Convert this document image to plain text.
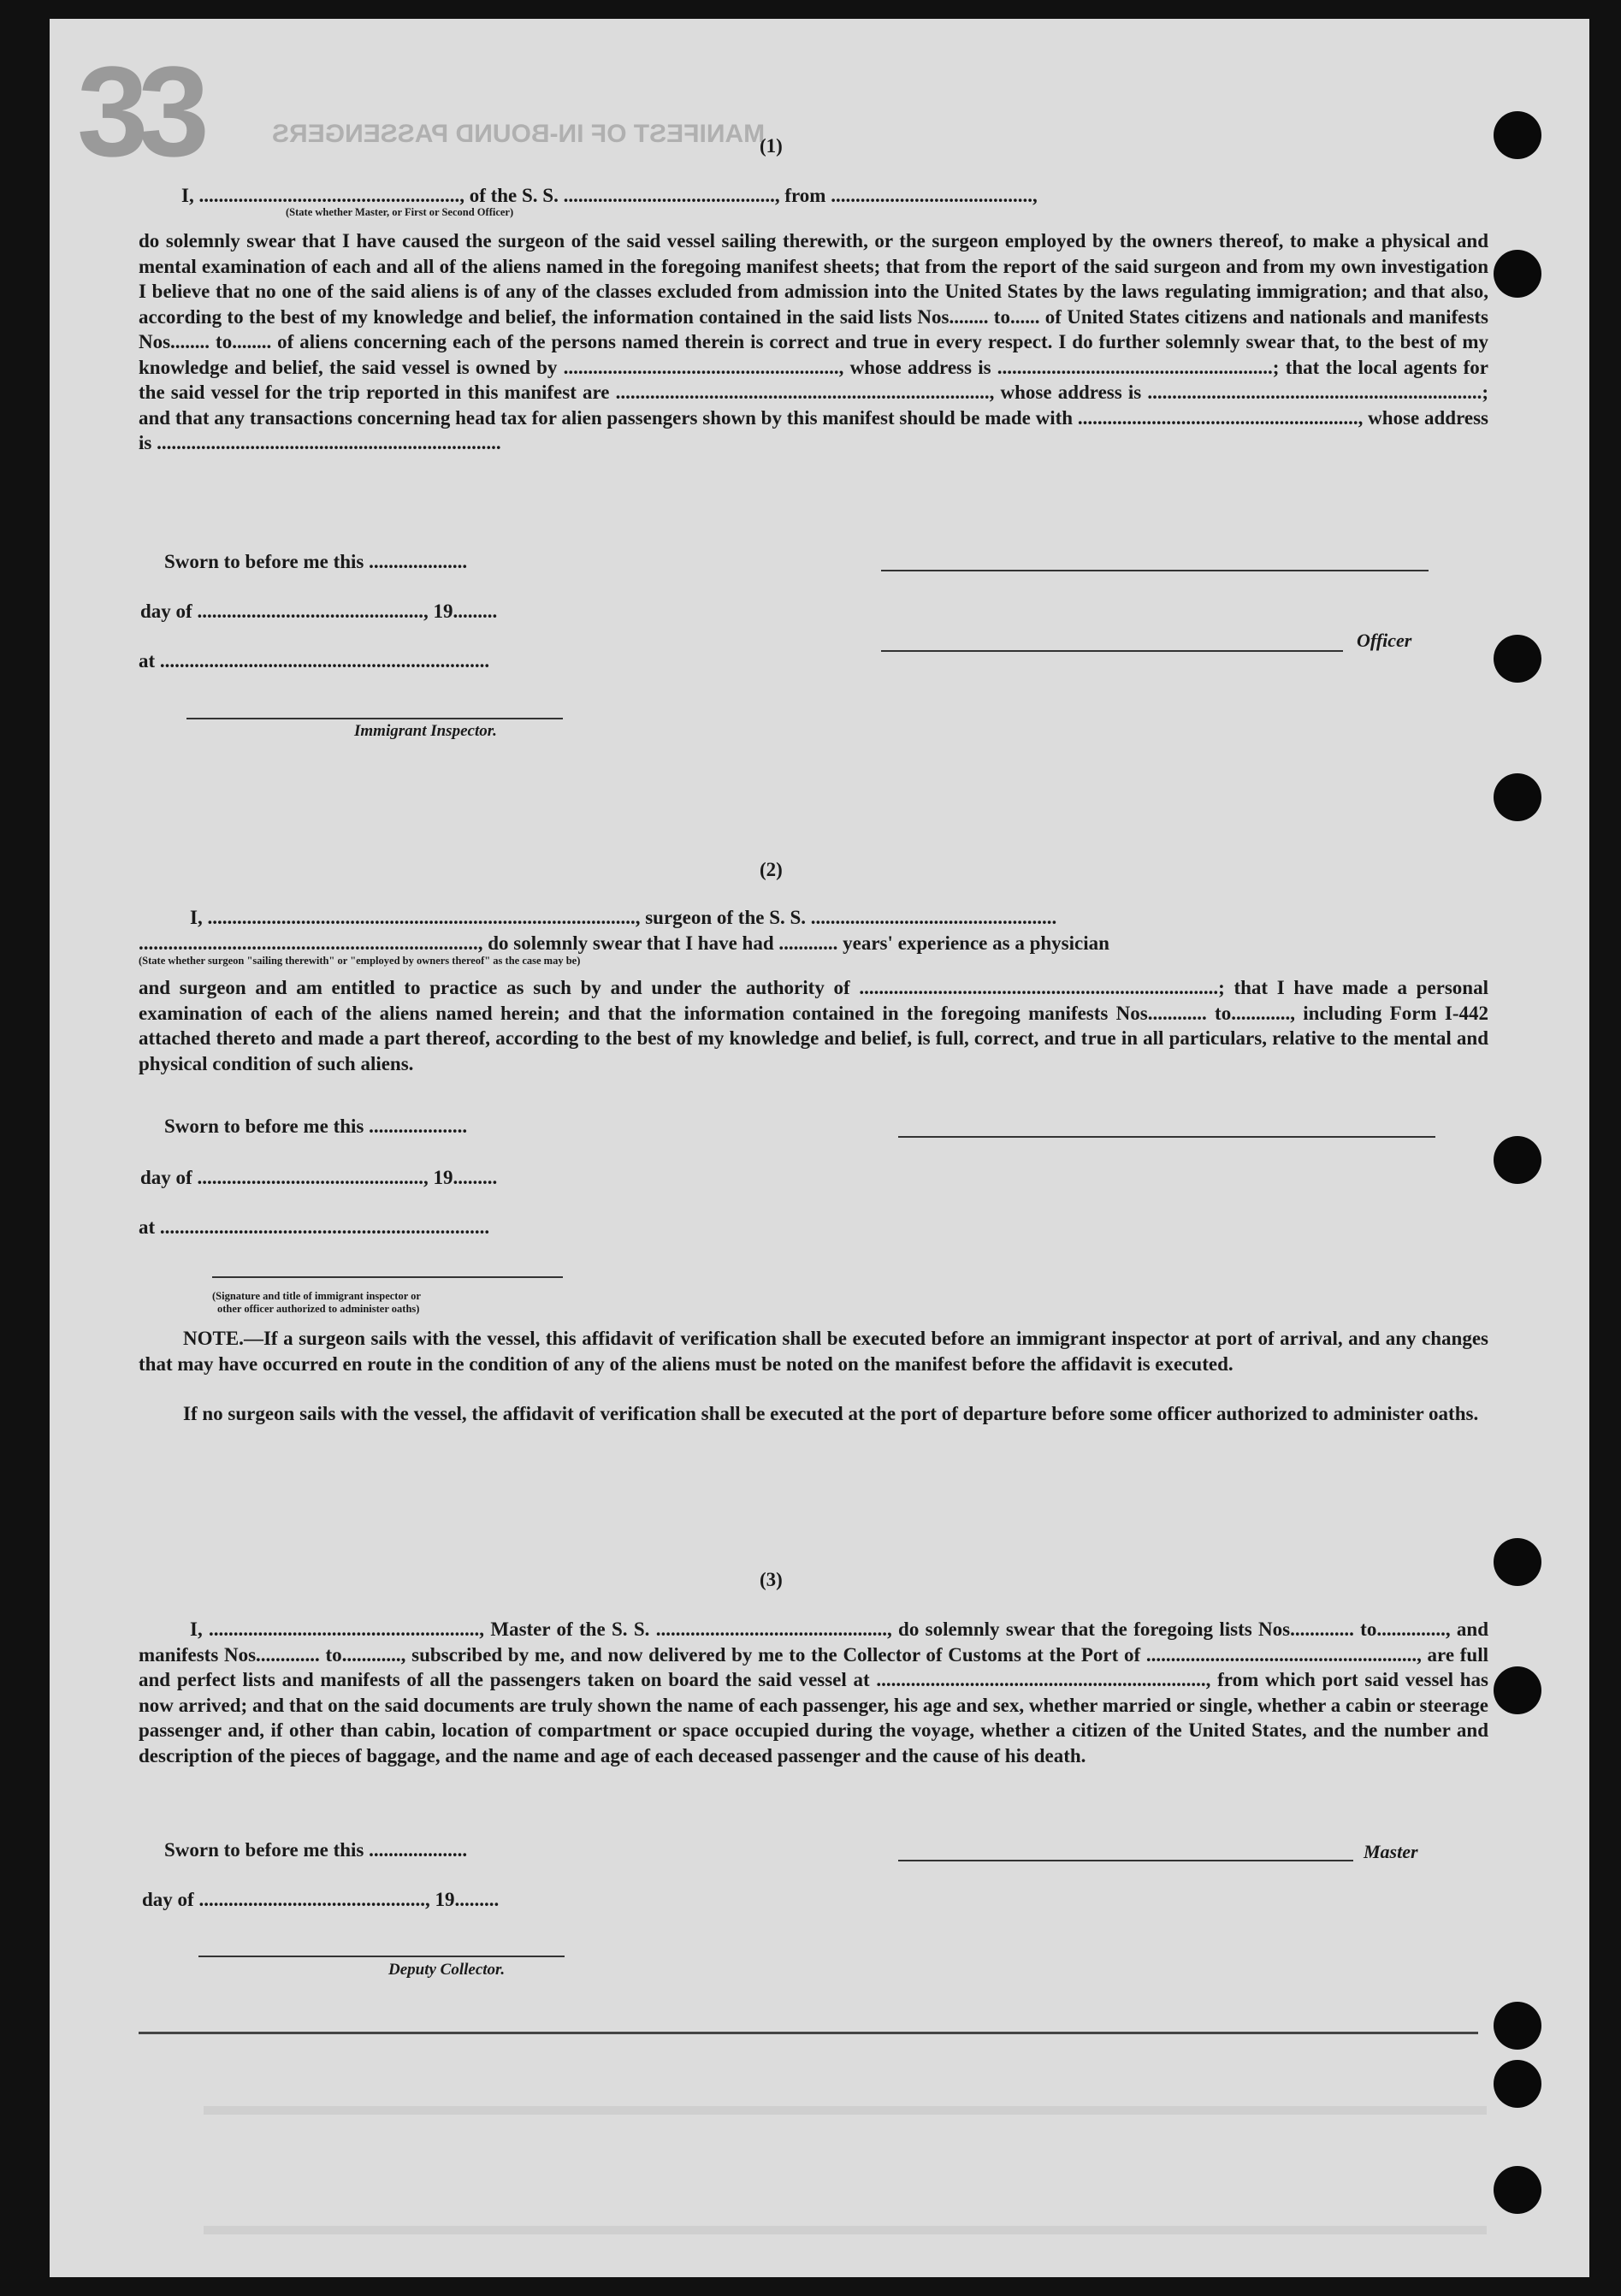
33	MANIFEST OF IN-BOUND PASSENGERS
(1)
I, ....................................................., of the S. S. ..........................................., from .........................................,
(State whether Master, or First or Second Officer)

do solemnly swear that I have caused the surgeon of the said vessel sailing therewith, or the surgeon employed by the owners thereof, to make a physical and mental examination of each and all of the aliens named in the foregoing manifest sheets; that from the report of the said surgeon and from my own investigation I believe that no one of the said aliens is of any of the classes excluded from admission into the United States by the laws regulating immigration; and that also, according to the best of my knowledge and belief, the information contained in the said lists Nos........ to...... of United States citizens and nationals and manifests Nos........ to........ of aliens concerning each of the persons named therein is correct and true in every respect. I do further solemnly swear that, to the best of my knowledge and belief, the said vessel is owned by ........................................................, whose address is ........................................................; that the local agents for the said vessel for the trip reported in this manifest are ............................................................................, whose address is ....................................................................; and that any transactions concerning head tax for alien passengers shown by this manifest should be made with ........................................................., whose address is ......................................................................

Sworn to before me this ....................
day of .............................................., 19.........
at ...................................................................
Immigrant Inspector.
Officer
(2)
I, ......................................................................................., surgeon of the S. S. ..................................................
....................................................................., do solemnly swear that I have had ............ years' experience as a physician
(State whether surgeon "sailing therewith" or "employed by owners thereof" as the case may be)

and surgeon and am entitled to practice as such by and under the authority of .........................................................................; that I have made a personal examination of each of the aliens named herein; and that the information contained in the foregoing manifests Nos............ to............, including Form I-442 attached thereto and made a part thereof, according to the best of my knowledge and belief, is full, correct, and true in all particulars, relative to the mental and physical condition of such aliens.

Sworn to before me this ....................
day of .............................................., 19.........
at ...................................................................
(Signature and title of immigrant inspector or
other officer authorized to administer oaths)

NOTE.—If a surgeon sails with the vessel, this affidavit of verification shall be executed before an immigrant inspector at port of arrival, and any changes that may have occurred en route in the condition of any of the aliens must be noted on the manifest before the affidavit is executed.

If no surgeon sails with the vessel, the affidavit of verification shall be executed at the port of departure before some officer authorized to administer oaths.

(3)

I, ......................................................., Master of the S. S. ..............................................., do solemnly swear that the foregoing lists Nos............. to.............., and manifests Nos............. to............, subscribed by me, and now delivered by me to the Collector of Customs at the Port of ......................................................., are full and perfect lists and manifests of all the passengers taken on board the said vessel at ..................................................................., from which port said vessel has now arrived; and that on the said documents are truly shown the name of each passenger, his age and sex, whether married or single, whether a cabin or steerage passenger and, if other than cabin, location of compartment or space occupied during the voyage, whether a citizen of the United States, and the number and description of the pieces of baggage, and the name and age of each deceased passenger and the cause of his death.

Sworn to before me this ....................
day of .............................................., 19.........
Deputy Collector.
Master
